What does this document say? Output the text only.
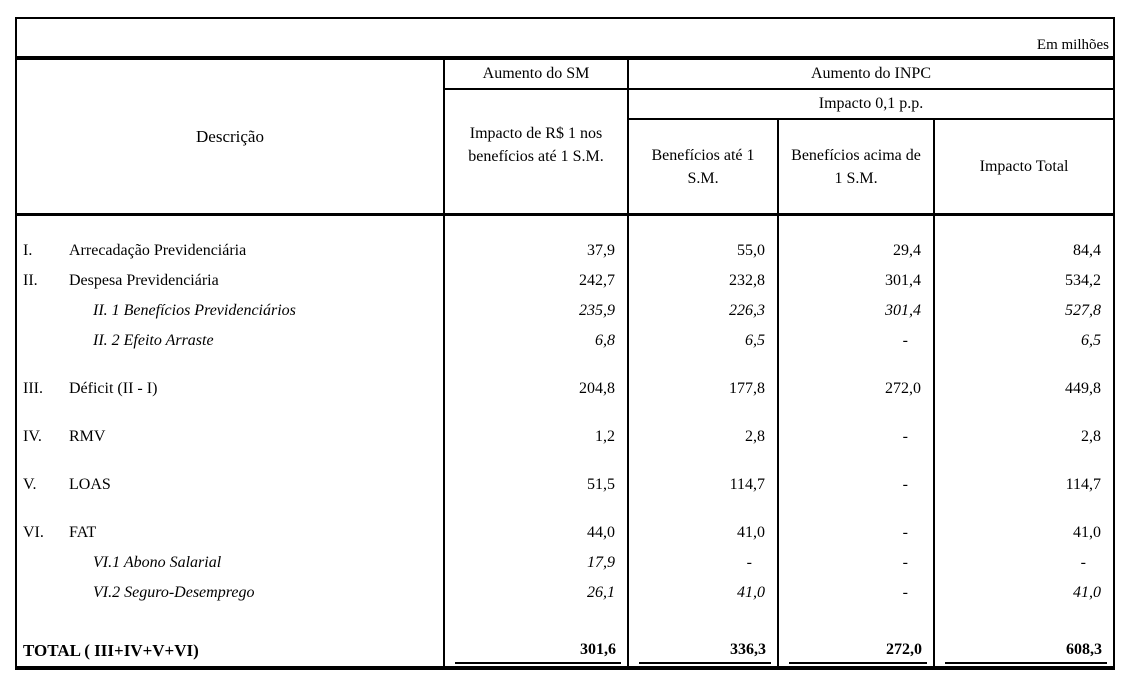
Em milhões
Descrição
Aumento do SM
Impacto de R$ 1 nos benefícios até 1 S.M.
Aumento do INPC
Impacto 0,1 p.p.
Benefícios até 1 S.M.
Benefícios acima de 1 S.M.
Impacto Total
I.	Arrecadação Previdenciária	37,9	55,0	29,4	84,4
II.	Despesa Previdenciária	242,7	232,8	301,4	534,2
II. 1 Benefícios Previdenciários	235,9	226,3	301,4	527,8
II. 2 Efeito Arraste	6,8	6,5	-	6,5
III.	Déficit (II - I)	204,8	177,8	272,0	449,8
IV.	RMV	1,2	2,8	-	2,8
V.	LOAS	51,5	114,7	-	114,7
VI.	FAT	44,0	41,0	-	41,0
VI.1 Abono Salarial	17,9	-	-	-
VI.2 Seguro-Desemprego	26,1	41,0	-	41,0
TOTAL ( III+IV+V+VI)	301,6	336,3	272,0	608,3
